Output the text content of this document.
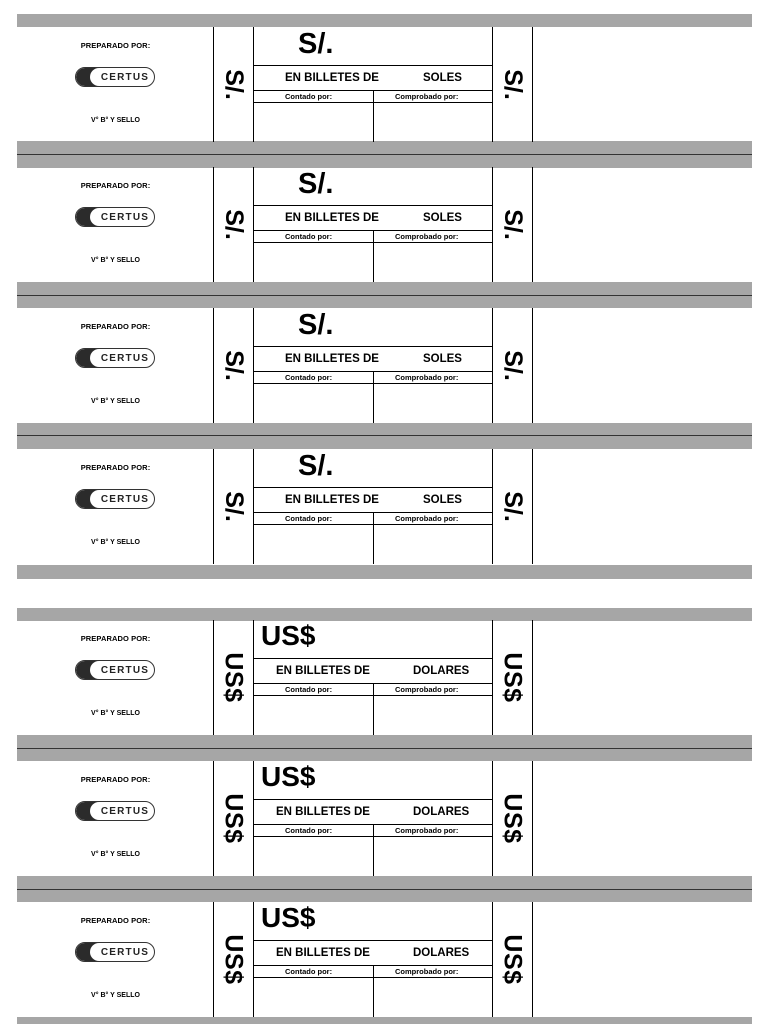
PREPARADO POR:
CERTUS
V° B° Y SELLO
S/.
S/.
EN BILLETES DE	SOLES
Contado por:	Comprobado por: S/.
PREPARADO POR:
CERTUS
V° B° Y SELLO
S/.
S/.
EN BILLETES DE	SOLES
Contado por:	Comprobado por: S/.
PREPARADO POR:
CERTUS
V° B° Y SELLO
S/.
S/.
EN BILLETES DE	SOLES
Contado por:	Comprobado por: S/.
PREPARADO POR:
CERTUS
V° B° Y SELLO
S/.
S/.
EN BILLETES DE	SOLES
Contado por:	Comprobado por: S/.
PREPARADO POR:
CERTUS
V° B° Y SELLO
US$
US$
EN BILLETES DE	DOLARES
Contado por:	Comprobado por: US$
PREPARADO POR:
CERTUS
V° B° Y SELLO
US$
US$
EN BILLETES DE	DOLARES
Contado por:	Comprobado por: US$
PREPARADO POR:
CERTUS
V° B° Y SELLO
US$
US$
EN BILLETES DE	DOLARES
Contado por:	Comprobado por: US$
